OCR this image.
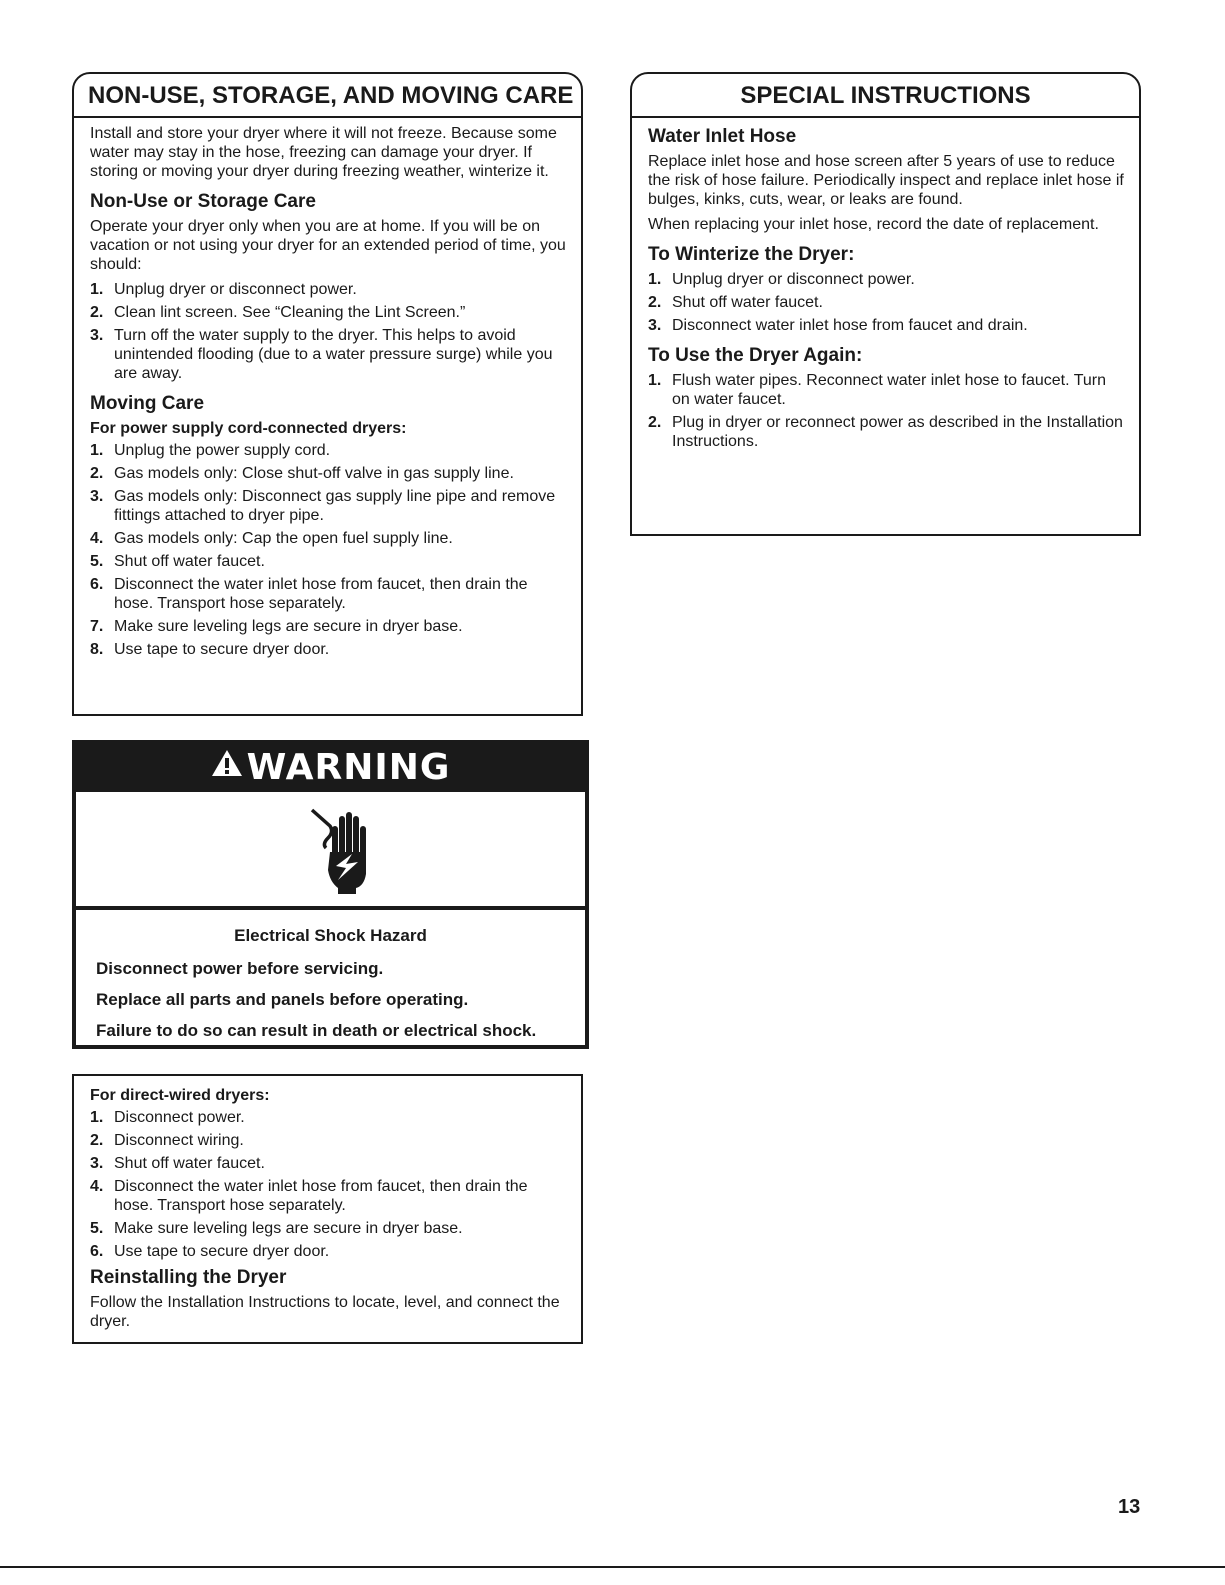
NON-USE, STORAGE, AND MOVING CARE

Install and store your dryer where it will not freeze. Because some water may stay in the hose, freezing can damage your dryer. If storing or moving your dryer during freezing weather, winterize it.

Non-Use or Storage Care

Operate your dryer only when you are at home. If you will be on vacation or not using your dryer for an extended period of time, you should:

1. Unplug dryer or disconnect power.
2. Clean lint screen. See “Cleaning the Lint Screen.”
3. Turn off the water supply to the dryer. This helps to avoid unintended flooding (due to a water pressure surge) while you are away.
Moving Care
For power supply cord-connected dryers:
1. Unplug the power supply cord.
2. Gas models only: Close shut-off valve in gas supply line.
3. Gas models only: Disconnect gas supply line pipe and remove fittings attached to dryer pipe.
4. Gas models only: Cap the open fuel supply line.
5. Shut off water faucet.
6. Disconnect the water inlet hose from faucet, then drain the hose. Transport hose separately.
7. Make sure leveling legs are secure in dryer base.
8. Use tape to secure dryer door.
WARNING
Electrical Shock Hazard
Disconnect power before servicing.
Replace all parts and panels before operating.
Failure to do so can result in death or electrical shock.
For direct-wired dryers:
1. Disconnect power.
2. Disconnect wiring.
3. Shut off water faucet.
4. Disconnect the water inlet hose from faucet, then drain the hose. Transport hose separately.
5. Make sure leveling legs are secure in dryer base.
6. Use tape to secure dryer door.
Reinstalling the Dryer

Follow the Installation Instructions to locate, level, and connect the dryer.

SPECIAL INSTRUCTIONS
Water Inlet Hose

Replace inlet hose and hose screen after 5 years of use to reduce the risk of hose failure. Periodically inspect and replace inlet hose if bulges, kinks, cuts, wear, or leaks are found.

When replacing your inlet hose, record the date of replacement.

To Winterize the Dryer:
1. Unplug dryer or disconnect power.
2. Shut off water faucet.
3. Disconnect water inlet hose from faucet and drain.
To Use the Dryer Again:
1. Flush water pipes. Reconnect water inlet hose to faucet. Turn on water faucet.
2. Plug in dryer or reconnect power as described in the Installation Instructions.
13
